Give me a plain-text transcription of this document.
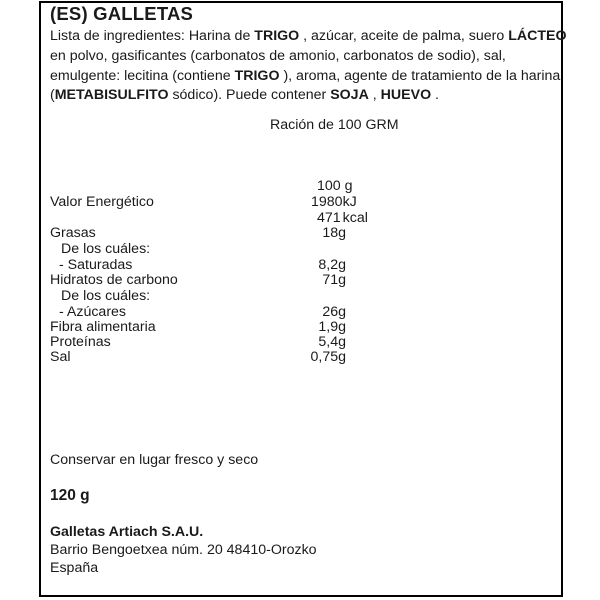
(ES) GALLETAS
Lista de ingredientes: Harina de TRIGO , azúcar, aceite de palma, suero LÁCTEO
en polvo, gasificantes (carbonatos de amonio, carbonatos de sodio), sal,
emulgente: lecitina (contiene TRIGO ), aroma, agente de tratamiento de la harina
(METABISULFITO sódico). Puede contener SOJA , HUEVO .
Ración de 100 GRM
100 g
Valor Energético	1980kJ
471 kcal
Grasas	18g
De los cuáles:
- Saturadas	8,2g
Hidratos de carbono	71g
De los cuáles:
- Azúcares	26g
Fibra alimentaria	1,9g
Proteínas	5,4g
Sal	0,75g
Conservar en lugar fresco y seco
120 g
Galletas Artiach S.A.U.
Barrio Bengoetxea núm. 20 48410-Orozko
España
